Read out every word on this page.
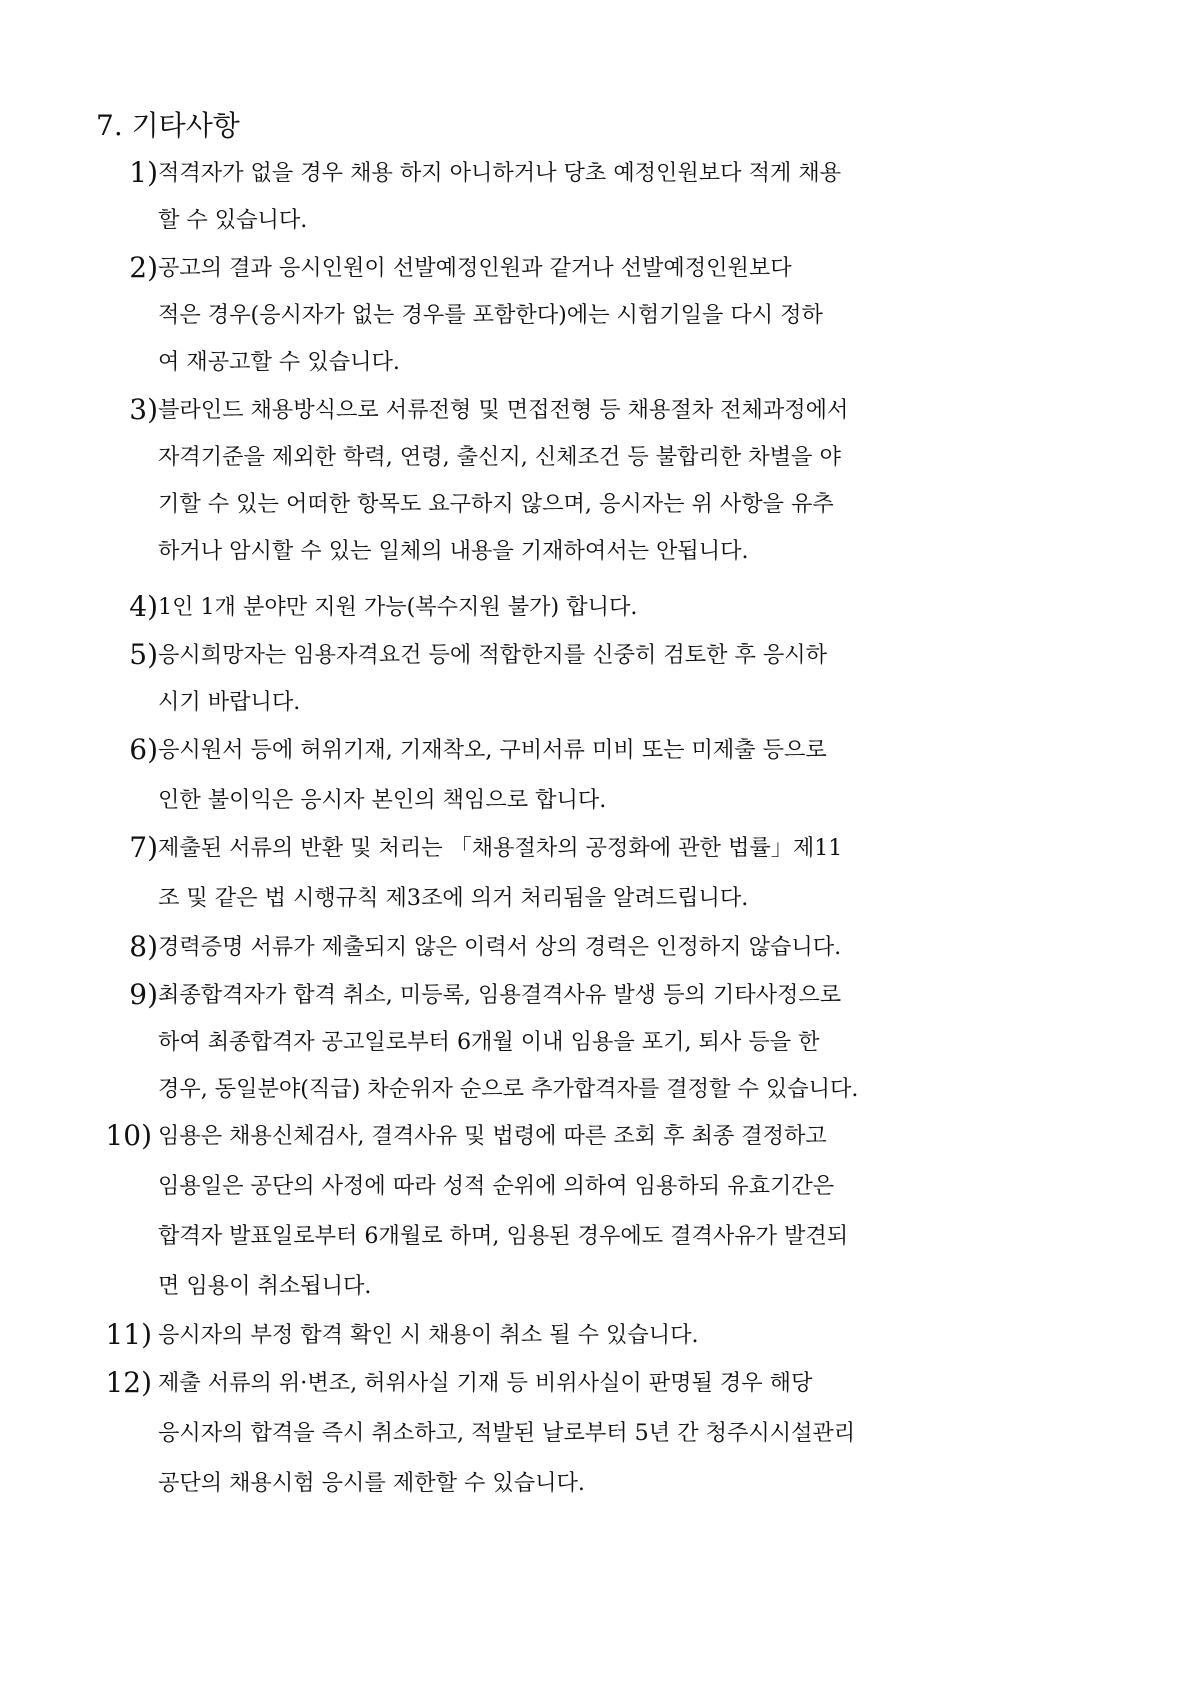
7. 기타사항
1) 적격자가 없을 경우 채용 하지 아니하거나 당초 예정인원보다 적게 채용
할 수 있습니다.
2) 공고의 결과 응시인원이 선발예정인원과 같거나 선발예정인원보다
적은 경우(응시자가 없는 경우를 포함한다)에는 시험기일을 다시 정하
여 재공고할 수 있습니다.
3) 블라인드 채용방식으로 서류전형 및 면접전형 등 채용절차 전체과정에서
자격기준을 제외한 학력, 연령, 출신지, 신체조건 등 불합리한 차별을 야
기할 수 있는 어떠한 항목도 요구하지 않으며, 응시자는 위 사항을 유추
하거나 암시할 수 있는 일체의 내용을 기재하여서는 안됩니다.
4) 1인 1개 분야만 지원 가능(복수지원 불가) 합니다.
5) 응시희망자는 임용자격요건 등에 적합한지를 신중히 검토한 후 응시하
시기 바랍니다.
6) 응시원서 등에 허위기재, 기재착오, 구비서류 미비 또는 미제출 등으로
인한 불이익은 응시자 본인의 책임으로 합니다.
7) 제출된 서류의 반환 및 처리는 「채용절차의 공정화에 관한 법률」제11
조 및 같은 법 시행규칙 제3조에 의거 처리됨을 알려드립니다.
8) 경력증명 서류가 제출되지 않은 이력서 상의 경력은 인정하지 않습니다.
9) 최종합격자가 합격 취소, 미등록, 임용결격사유 발생 등의 기타사정으로
하여 최종합격자 공고일로부터 6개월 이내 임용을 포기, 퇴사 등을 한
경우, 동일분야(직급) 차순위자 순으로 추가합격자를 결정할 수 있습니다.
10) 임용은 채용신체검사, 결격사유 및 법령에 따른 조회 후 최종 결정하고
임용일은 공단의 사정에 따라 성적 순위에 의하여 임용하되 유효기간은
합격자 발표일로부터 6개월로 하며, 임용된 경우에도 결격사유가 발견되
면 임용이 취소됩니다.
11) 응시자의 부정 합격 확인 시 채용이 취소 될 수 있습니다.
12) 제출 서류의 위·변조, 허위사실 기재 등 비위사실이 판명될 경우 해당
응시자의 합격을 즉시 취소하고, 적발된 날로부터 5년 간 청주시시설관리
공단의 채용시험 응시를 제한할 수 있습니다.
